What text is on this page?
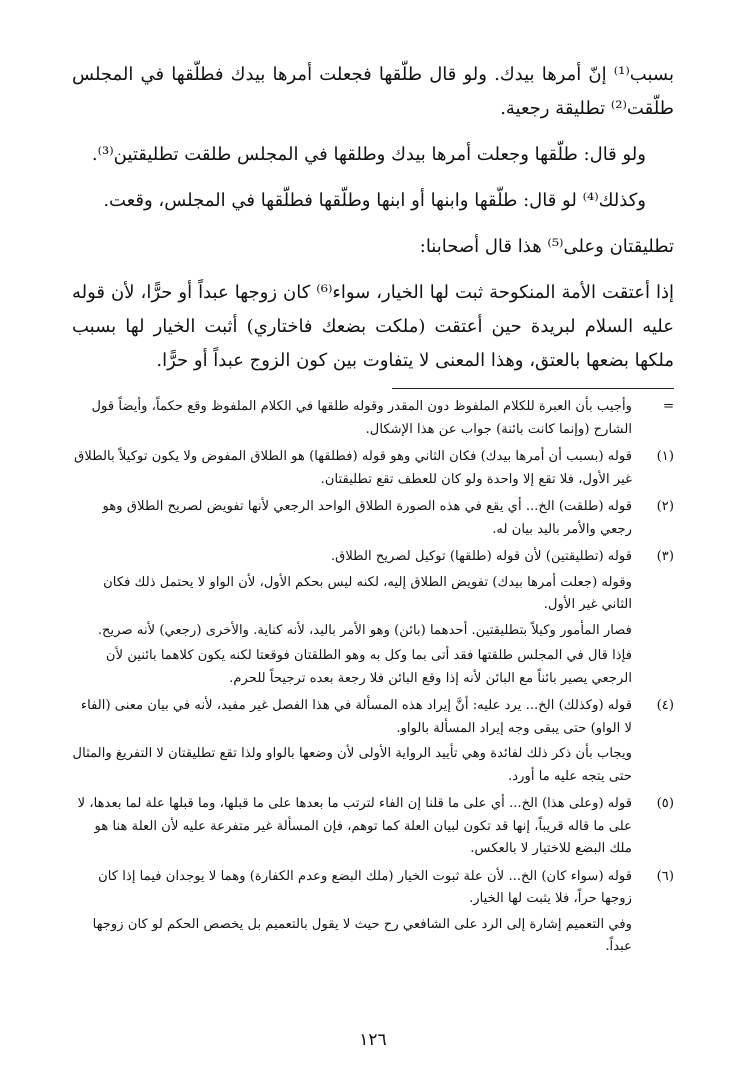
بسبب⁽¹⁾ إنّ أمرها بيدك. ولو قال طلّقها فجعلت أمرها بيدك فطلّقها في المجلس طلّقت⁽²⁾ تطليقة رجعية.

ولو قال: طلّقها وجعلت أمرها بيدك وطلقها في المجلس طلقت تطليقتين⁽³⁾.

وكذلك⁽⁴⁾ لو قال: طلّقها وابنها أو ابنها وطلّقها فطلّقها في المجلس، وقعت.

تطليقتان وعلى⁽⁵⁾ هذا قال أصحابنا:

إذا أعتقت الأمة المنكوحة ثبت لها الخيار، سواء⁽⁶⁾ كان زوجها عبداً أو حرًّا، لأن قوله عليه السلام لبريدة حين أعتقت (ملكت بضعك فاختاري) أثبت الخيار لها بسبب ملكها بضعها بالعتق، وهذا المعنى لا يتفاوت بين كون الزوج عبداً أو حرًّا.

=

وأجيب بأن العبرة للكلام الملفوظ دون المقدر وقوله طلقها في الكلام الملفوظ وقع حكماً، وأيضاً قول الشارح (وإنما كانت بائنة) جواب عن هذا الإشكال.

(١)

قوله (بسبب أن أمرها بيدك) فكان الثاني وهو قوله (فطلقها) هو الطلاق المفوض ولا يكون توكيلاً بالطلاق غير الأول، فلا تقع إلا واحدة ولو كان للعطف تقع تطليقتان.

(٢)

قوله (طلقت) الخ... أي يقع في هذه الصورة الطلاق الواحد الرجعي لأنها تفويض لصريح الطلاق وهو رجعي والأمر باليد بيان له.

(٣)

قوله (تطليقتين) لأن قوله (طلقها) توكيل لصريح الطلاق.

وقوله (جعلت أمرها بيدك) تفويض الطلاق إليه، لكنه ليس بحكم الأول، لأن الواو لا يحتمل ذلك فكان الثاني غير الأول.

فصار المأمور وكيلاً بتطليقتين. أحدهما (بائن) وهو الأمر باليد، لأنه كناية. والأخرى (رجعي) لأنه صريح.

فإذا قال في المجلس طلقتها فقد أتى بما وكل به وهو الطلقتان فوقعتا لكنه يكون كلاهما بائنين لأن الرجعي يصير بائناً مع البائن لأنه إذا وقع البائن فلا رجعة بعده ترجيحاً للحرم.

(٤)

قوله (وكذلك) الخ... يرد عليه: أنَّ إيراد هذه المسألة في هذا الفصل غير مفيد، لأنه في بيان معنى (الفاء لا الواو) حتى يبقى وجه إيراد المسألة بالواو.

ويجاب بأن ذكر ذلك لفائدة وهي تأييد الرواية الأولى لأن وضعها بالواو ولذا تقع تطليقتان لا التفريغ والمثال حتى يتجه عليه ما أورد.

(٥)

قوله (وعلى هذا) الخ... أي على ما قلنا إن الفاء لترتب ما بعدها على ما قبلها، وما قبلها علة لما بعدها، لا على ما قاله قريباً، إنها قد تكون لبيان العلة كما توهم، فإن المسألة غير متفرعة عليه لأن العلة هنا هو ملك البضع للاختيار لا بالعكس.

(٦)

قوله (سواء كان) الخ... لأن علة ثبوت الخيار (ملك البضع وعدم الكفارة) وهما لا يوجدان فيما إذا كان زوجها حراً، فلا يثبت لها الخيار.

وفي التعميم إشارة إلى الرد على الشافعي رح حيث لا يقول بالتعميم بل يخصص الحكم لو كان زوجها عبداً.

١٢٦
